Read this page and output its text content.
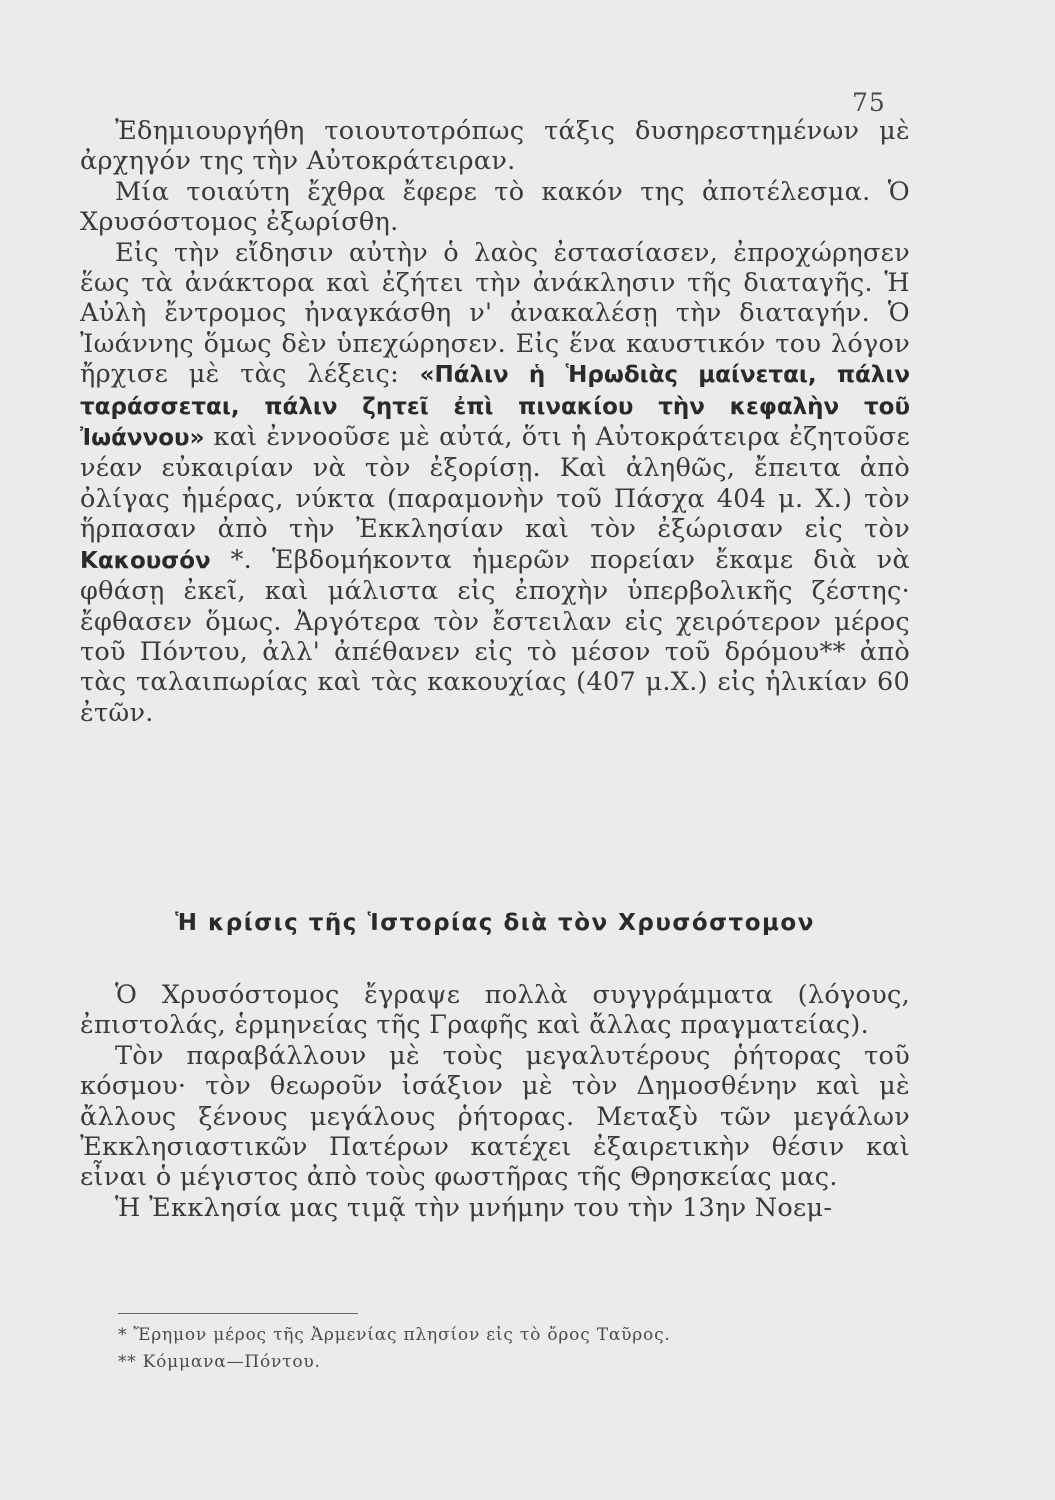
75

Ἐδημιουργήθη τοιουτοτρόπως τάξις δυσηρεστημένων μὲ ἀρχηγόν της τὴν Αὐτοκράτειραν.

Μία τοιαύτη ἔχθρα ἔφερε τὸ κακόν της ἀποτέλεσμα. Ὁ Χρυσόστομος ἐξωρίσθη.

Εἰς τὴν εἴδησιν αὐτὴν ὁ λαὸς ἐστασίασεν, ἐπροχώρησεν ἕως τὰ ἀνάκτορα καὶ ἐζήτει τὴν ἀνάκλησιν τῆς διαταγῆς. Ἡ Αὐλὴ ἔντρομος ἠναγκάσθη ν' ἀνακαλέσῃ τὴν διαταγήν. Ὁ Ἰωάννης ὅμως δὲν ὑπεχώρησεν. Εἰς ἕνα καυστικόν του λόγον ἤρχισε μὲ τὰς λέξεις: «Πάλιν ἡ Ἡρωδιὰς μαίνεται, πάλιν ταράσσεται, πάλιν ζητεῖ ἐπὶ πινακίου τὴν κεφαλὴν τοῦ Ἰωάννου» καὶ ἐννοοῦσε μὲ αὐτά, ὅτι ἡ Αὐτοκράτειρα ἐζητοῦσε νέαν εὐκαιρίαν νὰ τὸν ἐξορίσῃ. Καὶ ἀληθῶς, ἔπειτα ἀπὸ ὀλίγας ἡμέρας, νύκτα (παραμονὴν τοῦ Πάσχα 404 μ. Χ.) τὸν ἥρπασαν ἀπὸ τὴν Ἐκκλησίαν καὶ τὸν ἐξώρισαν εἰς τὸν Κακουσόν *. Ἑβδομήκοντα ἡμερῶν πορείαν ἔκαμε διὰ νὰ φθάσῃ ἐκεῖ, καὶ μάλιστα εἰς ἐποχὴν ὑπερβολικῆς ζέστης· ἔφθασεν ὅμως. Ἀργότερα τὸν ἔστειλαν εἰς χειρότερον μέρος τοῦ Πόντου, ἀλλ' ἀπέθανεν εἰς τὸ μέσον τοῦ δρόμου** ἀπὸ τὰς ταλαιπωρίας καὶ τὰς κακουχίας (407 μ.Χ.) εἰς ἡλικίαν 60 ἐτῶν.

Ἡ κρίσις τῆς Ἱστορίας διὰ τὸν Χρυσόστομον

Ὁ Χρυσόστομος ἔγραψε πολλὰ συγγράμματα (λόγους, ἐπιστολάς, ἑρμηνείας τῆς Γραφῆς καὶ ἄλλας πραγματείας).

Τὸν παραβάλλουν μὲ τοὺς μεγαλυτέρους ῥήτορας τοῦ κόσμου· τὸν θεωροῦν ἰσάξιον μὲ τὸν Δημοσθένην καὶ μὲ ἄλλους ξένους μεγάλους ῥήτορας. Μεταξὺ τῶν μεγάλων Ἐκκλησιαστικῶν Πατέρων κατέχει ἐξαιρετικὴν θέσιν καὶ εἶναι ὁ μέγιστος ἀπὸ τοὺς φωστῆρας τῆς Θρησκείας μας.

Ἡ Ἐκκλησία μας τιμᾷ τὴν μνήμην του τὴν 13ην Νοεμ-

* Ἔρημον μέρος τῆς Ἀρμενίας πλησίον εἰς τὸ ὄρος Ταῦρος.

** Κόμμανα—Πόντου.
